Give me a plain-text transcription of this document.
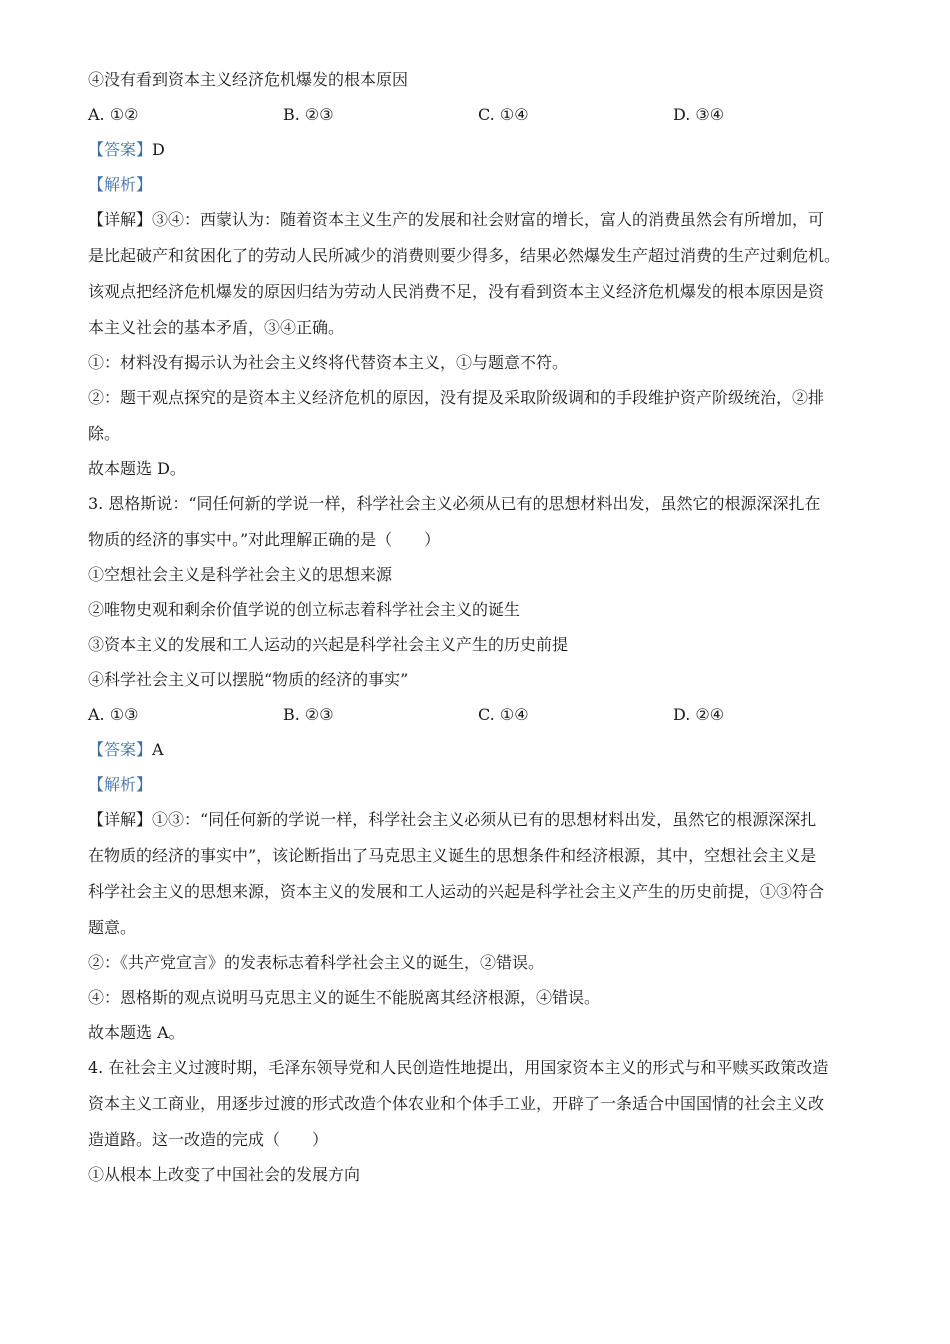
④没有看到资本主义经济危机爆发的根本原因

A. ①②	B. ②③	C. ①④	D. ③④

【答案】D

【解析】

【详解】③④：西蒙认为：随着资本主义生产的发展和社会财富的增长，富人的消费虽然会有所增加，可
是比起破产和贫困化了的劳动人民所减少的消费则要少得多，结果必然爆发生产超过消费的生产过剩危机。
该观点把经济危机爆发的原因归结为劳动人民消费不足，没有看到资本主义经济危机爆发的根本原因是资
本主义社会的基本矛盾，③④正确。

①：材料没有揭示认为社会主义终将代替资本主义，①与题意不符。

②：题干观点探究的是资本主义经济危机的原因，没有提及采取阶级调和的手段维护资产阶级统治，②排
除。

故本题选 D。

3. 恩格斯说：“同任何新的学说一样，科学社会主义必须从已有的思想材料出发，虽然它的根源深深扎在
物质的经济的事实中。”对此理解正确的是（　　）

①空想社会主义是科学社会主义的思想来源

②唯物史观和剩余价值学说的创立标志着科学社会主义的诞生

③资本主义的发展和工人运动的兴起是科学社会主义产生的历史前提

④科学社会主义可以摆脱“物质的经济的事实”

A. ①③	B. ②③	C. ①④	D. ②④

【答案】A

【解析】

【详解】①③：“同任何新的学说一样，科学社会主义必须从已有的思想材料出发，虽然它的根源深深扎
在物质的经济的事实中”，该论断指出了马克思主义诞生的思想条件和经济根源，其中，空想社会主义是
科学社会主义的思想来源，资本主义的发展和工人运动的兴起是科学社会主义产生的历史前提，①③符合
题意。

②：《共产党宣言》的发表标志着科学社会主义的诞生，②错误。

④：恩格斯的观点说明马克思主义的诞生不能脱离其经济根源，④错误。

故本题选 A。

4. 在社会主义过渡时期，毛泽东领导党和人民创造性地提出，用国家资本主义的形式与和平赎买政策改造
资本主义工商业，用逐步过渡的形式改造个体农业和个体手工业，开辟了一条适合中国国情的社会主义改
造道路。这一改造的完成（　　）

①从根本上改变了中国社会的发展方向
